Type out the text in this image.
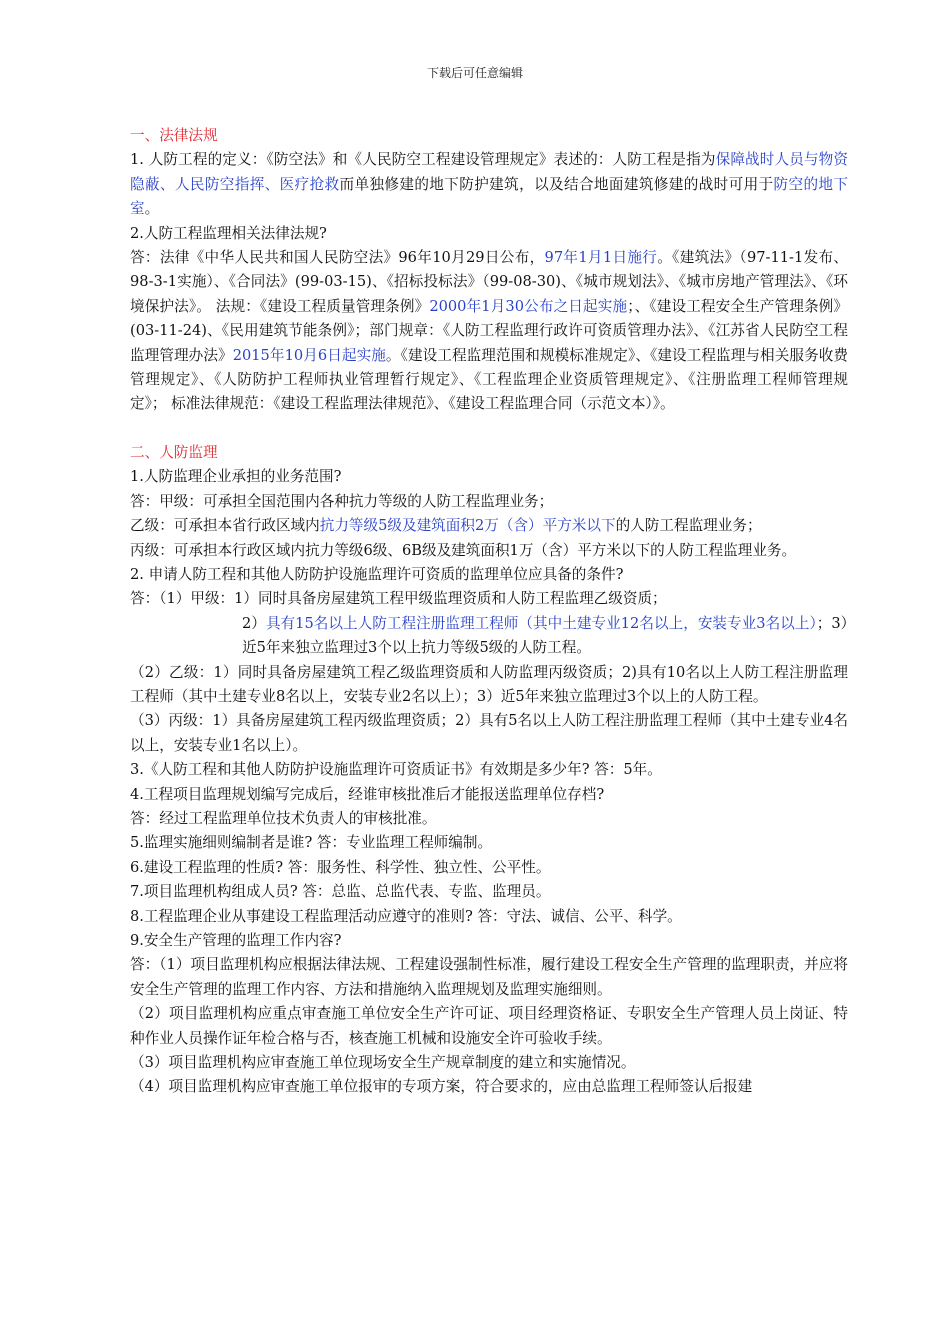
下载后可任意编辑

一、法律法规

1. 人防工程的定义：《防空法》和《人民防空工程建设管理规定》表述的：人防工程是指为保障战时人员与物资隐蔽、人民防空指挥、医疗抢救而单独修建的地下防护建筑，以及结合地面建筑修建的战时可用于防空的地下室。

2.人防工程监理相关法律法规?

答：法律《中华人民共和国人民防空法》96年10月29日公布，97年1月1日施行。《建筑法》（97-11-1发布、98-3-1实施）、《合同法》(99-03-15)、《招标投标法》（99-08-30)、《城市规划法》、《城市房地产管理法》、《环境保护法》。 法规：《建设工程质量管理条例》2000年1月30公布之日起实施；、《建设工程安全生产管理条例》(03-11-24)、《民用建筑节能条例》；部门规章：《人防工程监理行政许可资质管理办法》、《江苏省人民防空工程监理管理办法》2015年10月6日起实施。《建设工程监理范围和规模标准规定》、《建设工程监理与相关服务收费管理规定》、《人防防护工程师执业管理暂行规定》、《工程监理企业资质管理规定》、《注册监理工程师管理规定》； 标准法律规范：《建设工程监理法律规范》、《建设工程监理合同（示范文本）》。

二、人防监理

1.人防监理企业承担的业务范围?

答：甲级：可承担全国范围内各种抗力等级的人防工程监理业务；

乙级：可承担本省行政区域内抗力等级5级及建筑面积2万（含）平方米以下的人防工程监理业务；

丙级：可承担本行政区域内抗力等级6级、6B级及建筑面积1万（含）平方米以下的人防工程监理业务。

2. 申请人防工程和其他人防防护设施监理许可资质的监理单位应具备的条件?

答：（1）甲级：1）同时具备房屋建筑工程甲级监理资质和人防工程监理乙级资质；

2）具有15名以上人防工程注册监理工程师（其中土建专业12名以上，安装专业3名以上）；3）近5年来独立监理过3个以上抗力等级5级的人防工程。

（2）乙级：1）同时具备房屋建筑工程乙级监理资质和人防监理丙级资质；2)具有10名以上人防工程注册监理工程师（其中土建专业8名以上，安装专业2名以上）；3）近5年来独立监理过3个以上的人防工程。

（3）丙级：1）具备房屋建筑工程丙级监理资质；2）具有5名以上人防工程注册监理工程师（其中土建专业4名以上，安装专业1名以上）。

3.《人防工程和其他人防防护设施监理许可资质证书》有效期是多少年? 答：5年。

4.工程项目监理规划编写完成后，经谁审核批准后才能报送监理单位存档?

答：经过工程监理单位技术负责人的审核批准。

5.监理实施细则编制者是谁? 答：专业监理工程师编制。

6.建设工程监理的性质? 答：服务性、科学性、独立性、公平性。

7.项目监理机构组成人员? 答：总监、总监代表、专监、监理员。

8.工程监理企业从事建设工程监理活动应遵守的准则? 答：守法、诚信、公平、科学。

9.安全生产管理的监理工作内容?

答：（1）项目监理机构应根据法律法规、工程建设强制性标准，履行建设工程安全生产管理的监理职责，并应将安全生产管理的监理工作内容、方法和措施纳入监理规划及监理实施细则。

（2）项目监理机构应重点审查施工单位安全生产许可证、项目经理资格证、专职安全生产管理人员上岗证、特种作业人员操作证年检合格与否，核查施工机械和设施安全许可验收手续。

（3）项目监理机构应审查施工单位现场安全生产规章制度的建立和实施情况。

（4）项目监理机构应审查施工单位报审的专项方案，符合要求的，应由总监理工程师签认后报建
